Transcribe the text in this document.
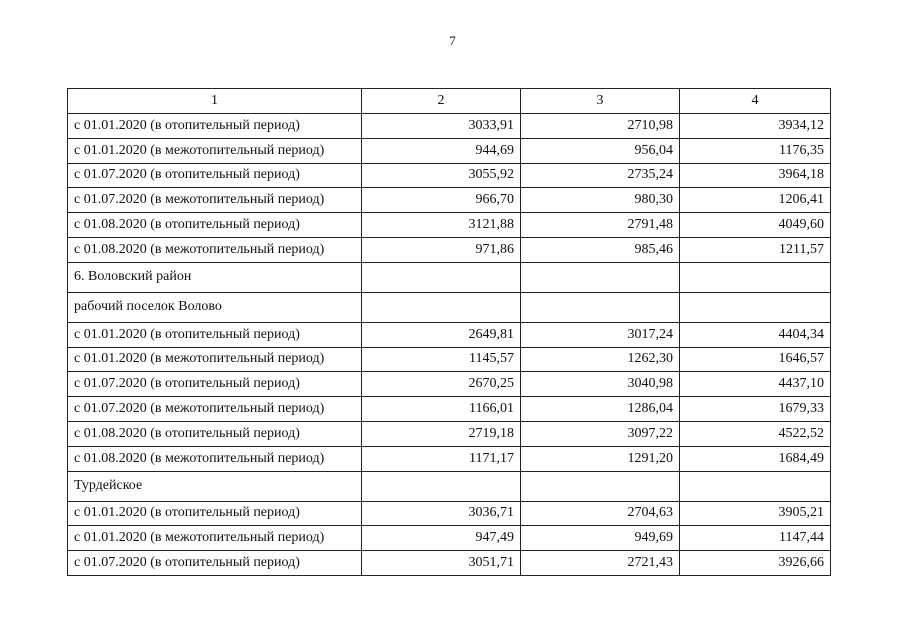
7
1	2	3	4
с 01.01.2020 (в отопительный период)	3033,91	2710,98	3934,12
с 01.01.2020 (в межотопительный период)	944,69	956,04	1176,35
с 01.07.2020 (в отопительный период)	3055,92	2735,24	3964,18
с 01.07.2020 (в межотопительный период)	966,70	980,30	1206,41
с 01.08.2020 (в отопительный период)	3121,88	2791,48	4049,60
с 01.08.2020 (в межотопительный период)	971,86	985,46	1211,57
6. Воловский район			
рабочий поселок Волово			
с 01.01.2020 (в отопительный период)	2649,81	3017,24	4404,34
с 01.01.2020 (в межотопительный период)	1145,57	1262,30	1646,57
с 01.07.2020 (в отопительный период)	2670,25	3040,98	4437,10
с 01.07.2020 (в межотопительный период)	1166,01	1286,04	1679,33
с 01.08.2020 (в отопительный период)	2719,18	3097,22	4522,52
с 01.08.2020 (в межотопительный период)	1171,17	1291,20	1684,49
Турдейское			
с 01.01.2020 (в отопительный период)	3036,71	2704,63	3905,21
с 01.01.2020 (в межотопительный период)	947,49	949,69	1147,44
с 01.07.2020 (в отопительный период)	3051,71	2721,43	3926,66
